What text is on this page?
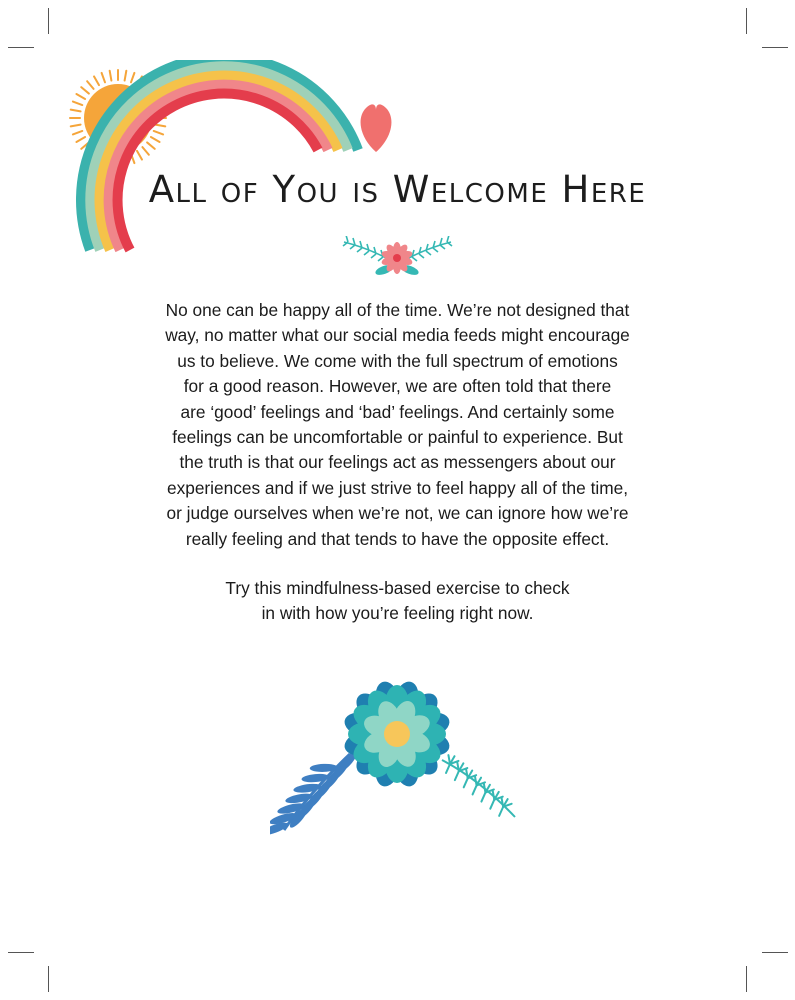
All of You is Welcome Here
No one can be happy all of the time. We’re not designed that
way, no matter what our social media feeds might encourage
us to believe. We come with the full spectrum of emotions
for a good reason. However, we are often told that there
are ‘good’ feelings and ‘bad’ feelings. And certainly some
feelings can be uncomfortable or painful to experience. But
the truth is that our feelings act as messengers about our
experiences and if we just strive to feel happy all of the time,
or judge ourselves when we’re not, we can ignore how we’re
really feeling and that tends to have the opposite effect.
Try this mindfulness-based exercise to check
in with how you’re feeling right now.
